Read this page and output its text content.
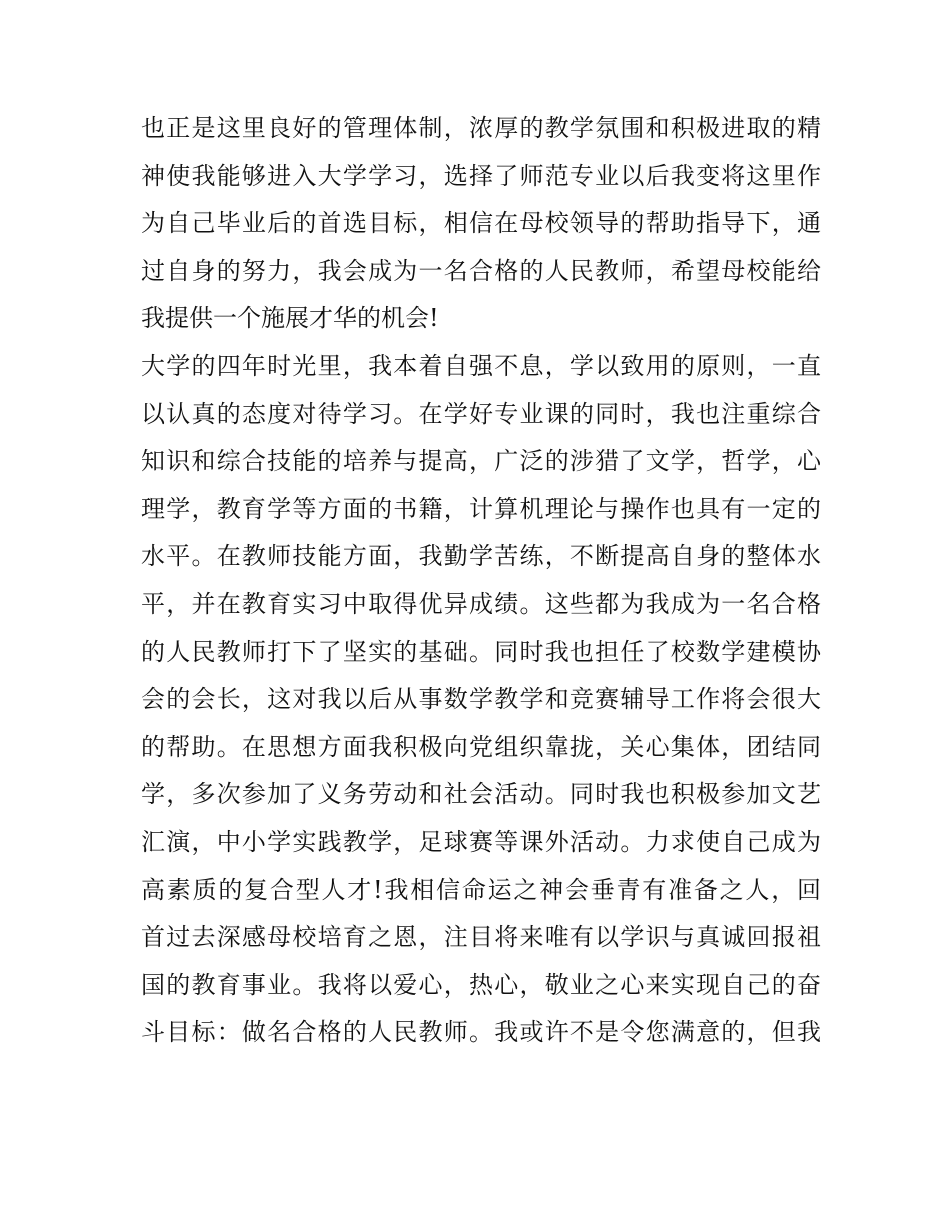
也正是这里良好的管理体制，浓厚的教学氛围和积极进取的精
神使我能够进入大学学习，选择了师范专业以后我变将这里作
为自己毕业后的首选目标，相信在母校领导的帮助指导下，通
过自身的努力，我会成为一名合格的人民教师，希望母校能给
我提供一个施展才华的机会!
大学的四年时光里，我本着自强不息，学以致用的原则，一直
以认真的态度对待学习。在学好专业课的同时，我也注重综合
知识和综合技能的培养与提高，广泛的涉猎了文学，哲学，心
理学，教育学等方面的书籍，计算机理论与操作也具有一定的
水平。在教师技能方面，我勤学苦练，不断提高自身的整体水
平，并在教育实习中取得优异成绩。这些都为我成为一名合格
的人民教师打下了坚实的基础。同时我也担任了校数学建模协
会的会长，这对我以后从事数学教学和竞赛辅导工作将会很大
的帮助。在思想方面我积极向党组织靠拢，关心集体，团结同
学，多次参加了义务劳动和社会活动。同时我也积极参加文艺
汇演，中小学实践教学，足球赛等课外活动。力求使自己成为
高素质的复合型人才!我相信命运之神会垂青有准备之人，回
首过去深感母校培育之恩，注目将来唯有以学识与真诚回报祖
国的教育事业。我将以爱心，热心，敬业之心来实现自己的奋
斗目标：做名合格的人民教师。我或许不是令您满意的，但我
